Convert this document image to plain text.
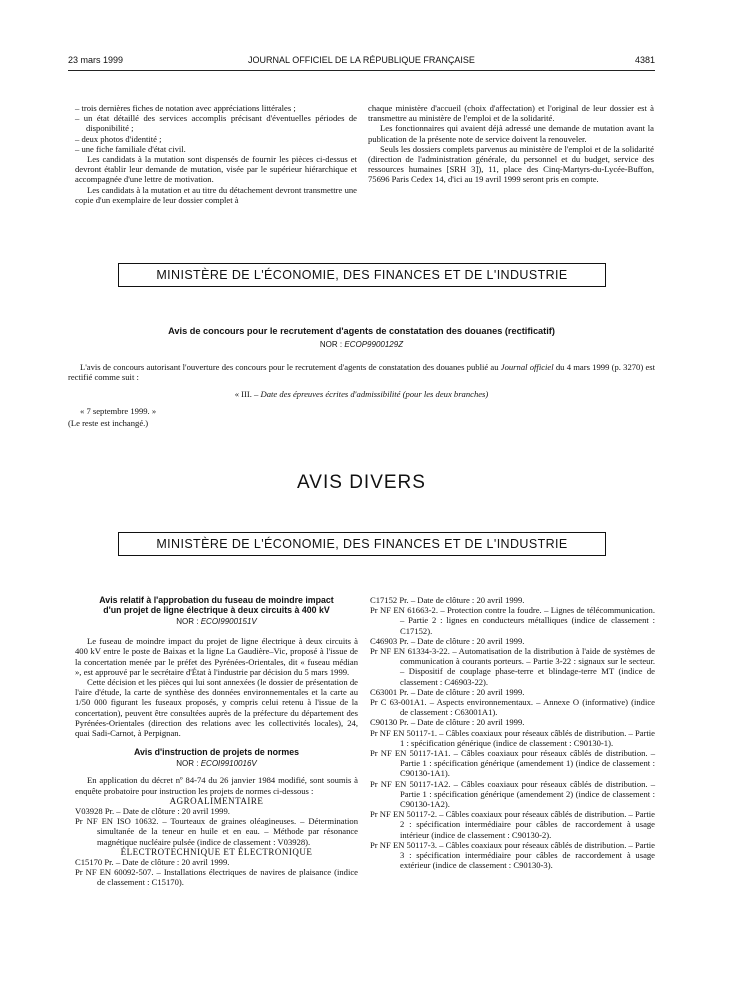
23 mars 1999	JOURNAL OFFICIEL DE LA RÉPUBLIQUE FRANÇAISE	4381

– trois dernières fiches de notation avec appréciations littérales ;

– un état détaillé des services accomplis précisant d'éventuelles périodes de disponibilité ;

– deux photos d'identité ;

– une fiche familiale d'état civil.

Les candidats à la mutation sont dispensés de fournir les pièces ci-dessus et devront établir leur demande de mutation, visée par le supérieur hiérarchique et accompagnée d'une lettre de motivation.

Les candidats à la mutation et au titre du détachement devront transmettre une copie d'un exemplaire de leur dossier complet à

chaque ministère d'accueil (choix d'affectation) et l'original de leur dossier est à transmettre au ministère de l'emploi et de la solidarité.

Les fonctionnaires qui avaient déjà adressé une demande de mutation avant la publication de la présente note de service doivent la renouveler.

Seuls les dossiers complets parvenus au ministère de l'emploi et de la solidarité (direction de l'administration générale, du personnel et du budget, service des ressources humaines [SRH 3]), 11, place des Cinq-Martyrs-du-Lycée-Buffon, 75696 Paris Cedex 14, d'ici au 19 avril 1999 seront pris en compte.

MINISTÈRE DE L'ÉCONOMIE, DES FINANCES ET DE L'INDUSTRIE
Avis de concours pour le recrutement d'agents de constatation des douanes (rectificatif)
NOR : ECOP9900129Z

L'avis de concours autorisant l'ouverture des concours pour le recrutement d'agents de constatation des douanes publié au Journal officiel du 4 mars 1999 (p. 3270) est rectifié comme suit :

« III. – Date des épreuves écrites d'admissibilité (pour les deux branches)

« 7 septembre 1999. »

(Le reste est inchangé.)

AVIS DIVERS
MINISTÈRE DE L'ÉCONOMIE, DES FINANCES ET DE L'INDUSTRIE

Avis relatif à l'approbation du fuseau de moindre impact d'un projet de ligne électrique à deux circuits à 400 kV

NOR : ECOI9900151V

Le fuseau de moindre impact du projet de ligne électrique à deux circuits à 400 kV entre le poste de Baixas et la ligne La Gaudière–Vic, proposé à l'issue de la concertation menée par le préfet des Pyrénées-Orientales, dit « fuseau médian », est approuvé par le secrétaire d'État à l'industrie par décision du 5 mars 1999.

Cette décision et les pièces qui lui sont annexées (le dossier de présentation de l'aire d'étude, la carte de synthèse des données environnementales et la carte au 1/50 000 figurant les fuseaux proposés, y compris celui retenu à l'issue de la concertation), peuvent être consultées auprès de la préfecture du département des Pyrénées-Orientales (direction des relations avec les collectivités locales), 24, quai Sadi-Carnot, à Perpignan.

Avis d'instruction de projets de normes

NOR : ECOI9910016V

En application du décret nº 84-74 du 26 janvier 1984 modifié, sont soumis à enquête probatoire pour instruction les projets de normes ci-dessous :

AGROALIMENTAIRE

V03928 Pr. – Date de clôture : 20 avril 1999.

Pr NF EN ISO 10632. – Tourteaux de graines oléagineuses. – Détermination simultanée de la teneur en huile et en eau. – Méthode par résonance magnétique nucléaire pulsée (indice de classement : V03928).

ÉLECTROTECHNIQUE ET ÉLECTRONIQUE

C15170 Pr. – Date de clôture : 20 avril 1999.

Pr NF EN 60092-507. – Installations électriques de navires de plaisance (indice de classement : C15170).

C17152 Pr. – Date de clôture : 20 avril 1999.

Pr NF EN 61663-2. – Protection contre la foudre. – Lignes de télécommunication. – Partie 2 : lignes en conducteurs métalliques (indice de classement : C17152).

C46903 Pr. – Date de clôture : 20 avril 1999.

Pr NF EN 61334-3-22. – Automatisation de la distribution à l'aide de systèmes de communication à courants porteurs. – Partie 3-22 : signaux sur le secteur. – Dispositif de couplage phase-terre et blindage-terre MT (indice de classement : C46903-22).

C63001 Pr. – Date de clôture : 20 avril 1999.

Pr C 63-001A1. – Aspects environnementaux. – Annexe O (informative) (indice de classement : C63001A1).

C90130 Pr. – Date de clôture : 20 avril 1999.

Pr NF EN 50117-1. – Câbles coaxiaux pour réseaux câblés de distribution. – Partie 1 : spécification générique (indice de classement : C90130-1).

Pr NF EN 50117-1A1. – Câbles coaxiaux pour réseaux câblés de distribution. – Partie 1 : spécification générique (amendement 1) (indice de classement : C90130-1A1).

Pr NF EN 50117-1A2. – Câbles coaxiaux pour réseaux câblés de distribution. – Partie 1 : spécification générique (amendement 2) (indice de classement : C90130-1A2).

Pr NF EN 50117-2. – Câbles coaxiaux pour réseaux câblés de distribution. – Partie 2 : spécification intermédiaire pour câbles de raccordement à usage intérieur (indice de classement : C90130-2).

Pr NF EN 50117-3. – Câbles coaxiaux pour réseaux câblés de distribution. – Partie 3 : spécification intermédiaire pour câbles de raccordement à usage extérieur (indice de classement : C90130-3).
